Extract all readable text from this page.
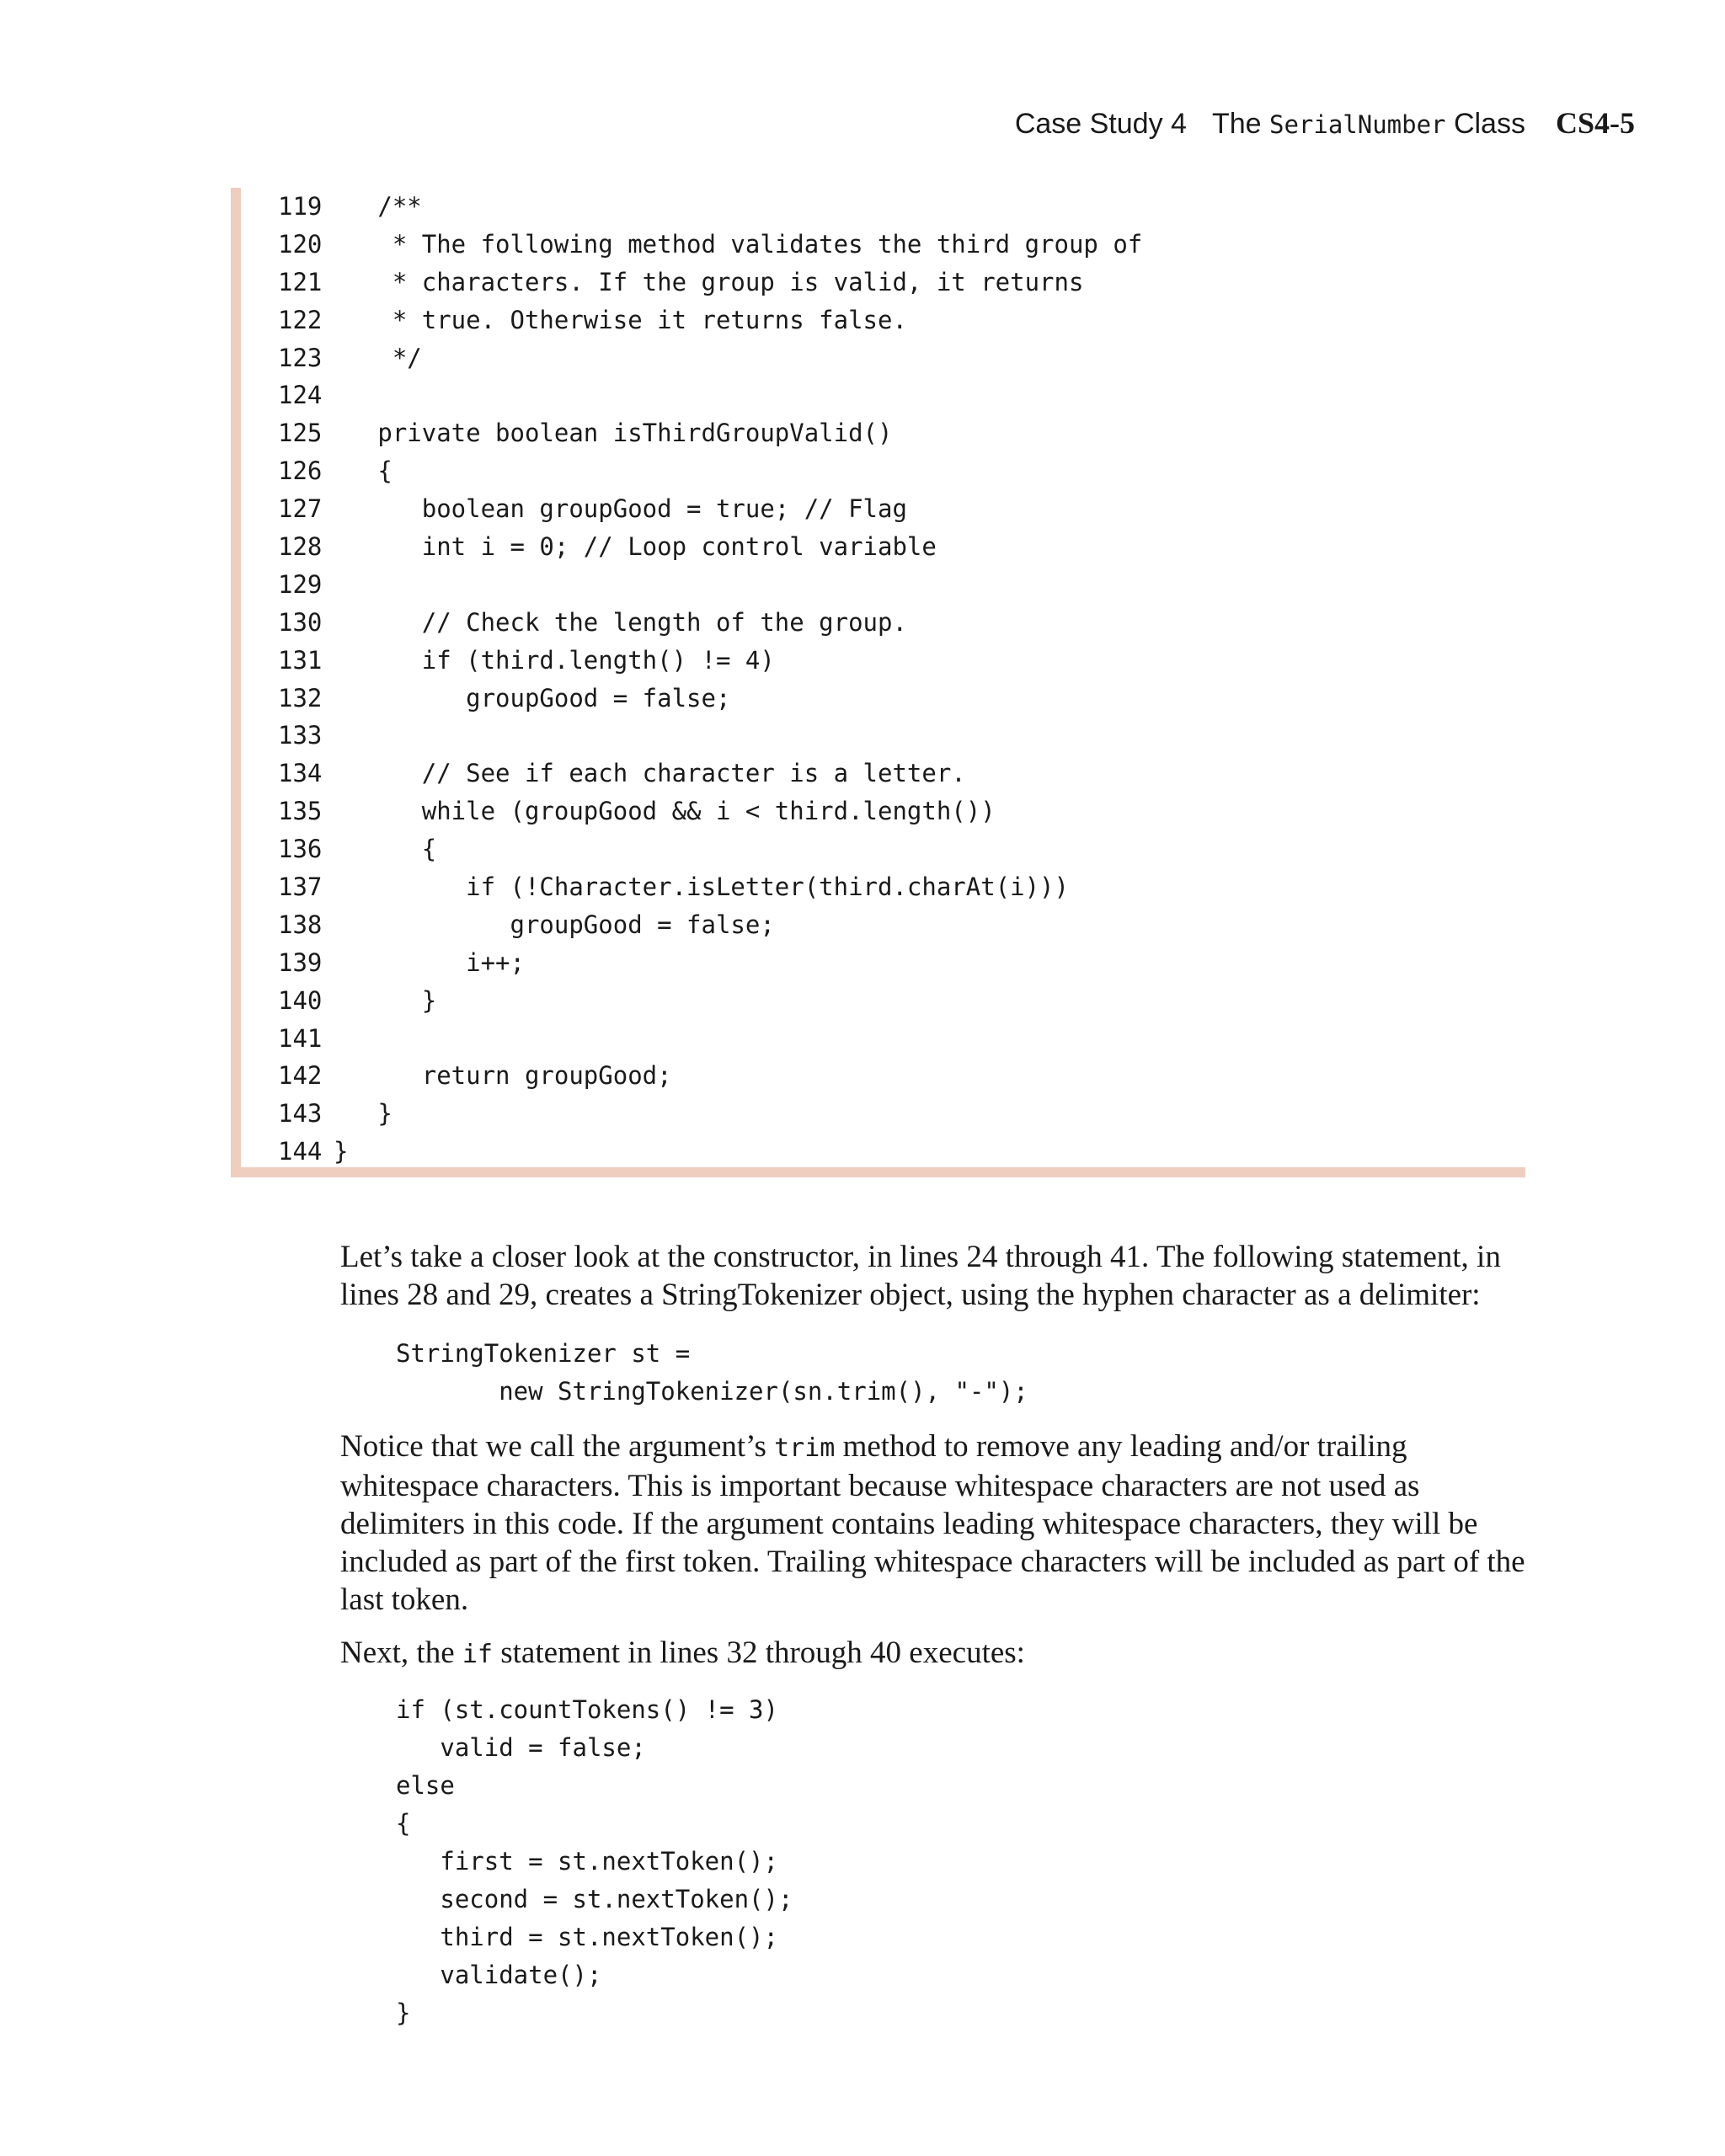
Case Study 4 The SerialNumber Class CS4-5
119   /**
120    * The following method validates the third group of
121    * characters. If the group is valid, it returns
122    * true. Otherwise it returns false.
123    */
124
125   private boolean isThirdGroupValid()
126   {
127      boolean groupGood = true; // Flag
128      int i = 0; // Loop control variable
129
130      // Check the length of the group.
131      if (third.length() != 4)
132         groupGood = false;
133
134      // See if each character is a letter.
135      while (groupGood && i < third.length())
136      {
137         if (!Character.isLetter(third.charAt(i)))
138            groupGood = false;
139         i++;
140      }
141
142      return groupGood;
143   }
144 }

Let’s take a closer look at the constructor, in lines 24 through 41. The following statement, in lines 28 and 29, creates a StringTokenizer object, using the hyphen character as a delimiter:

StringTokenizer st =
new StringTokenizer(sn.trim(), "-");

Notice that we call the argument’s trim method to remove any leading and/or trailing whitespace characters. This is important because whitespace characters are not used as delimiters in this code. If the argument contains leading whitespace characters, they will be included as part of the first token. Trailing whitespace characters will be included as part of the last token.

Next, the if statement in lines 32 through 40 executes:

if (st.countTokens() != 3)
valid = false;
else
{
first = st.nextToken();
second = st.nextToken();
third = st.nextToken();
validate();
}
